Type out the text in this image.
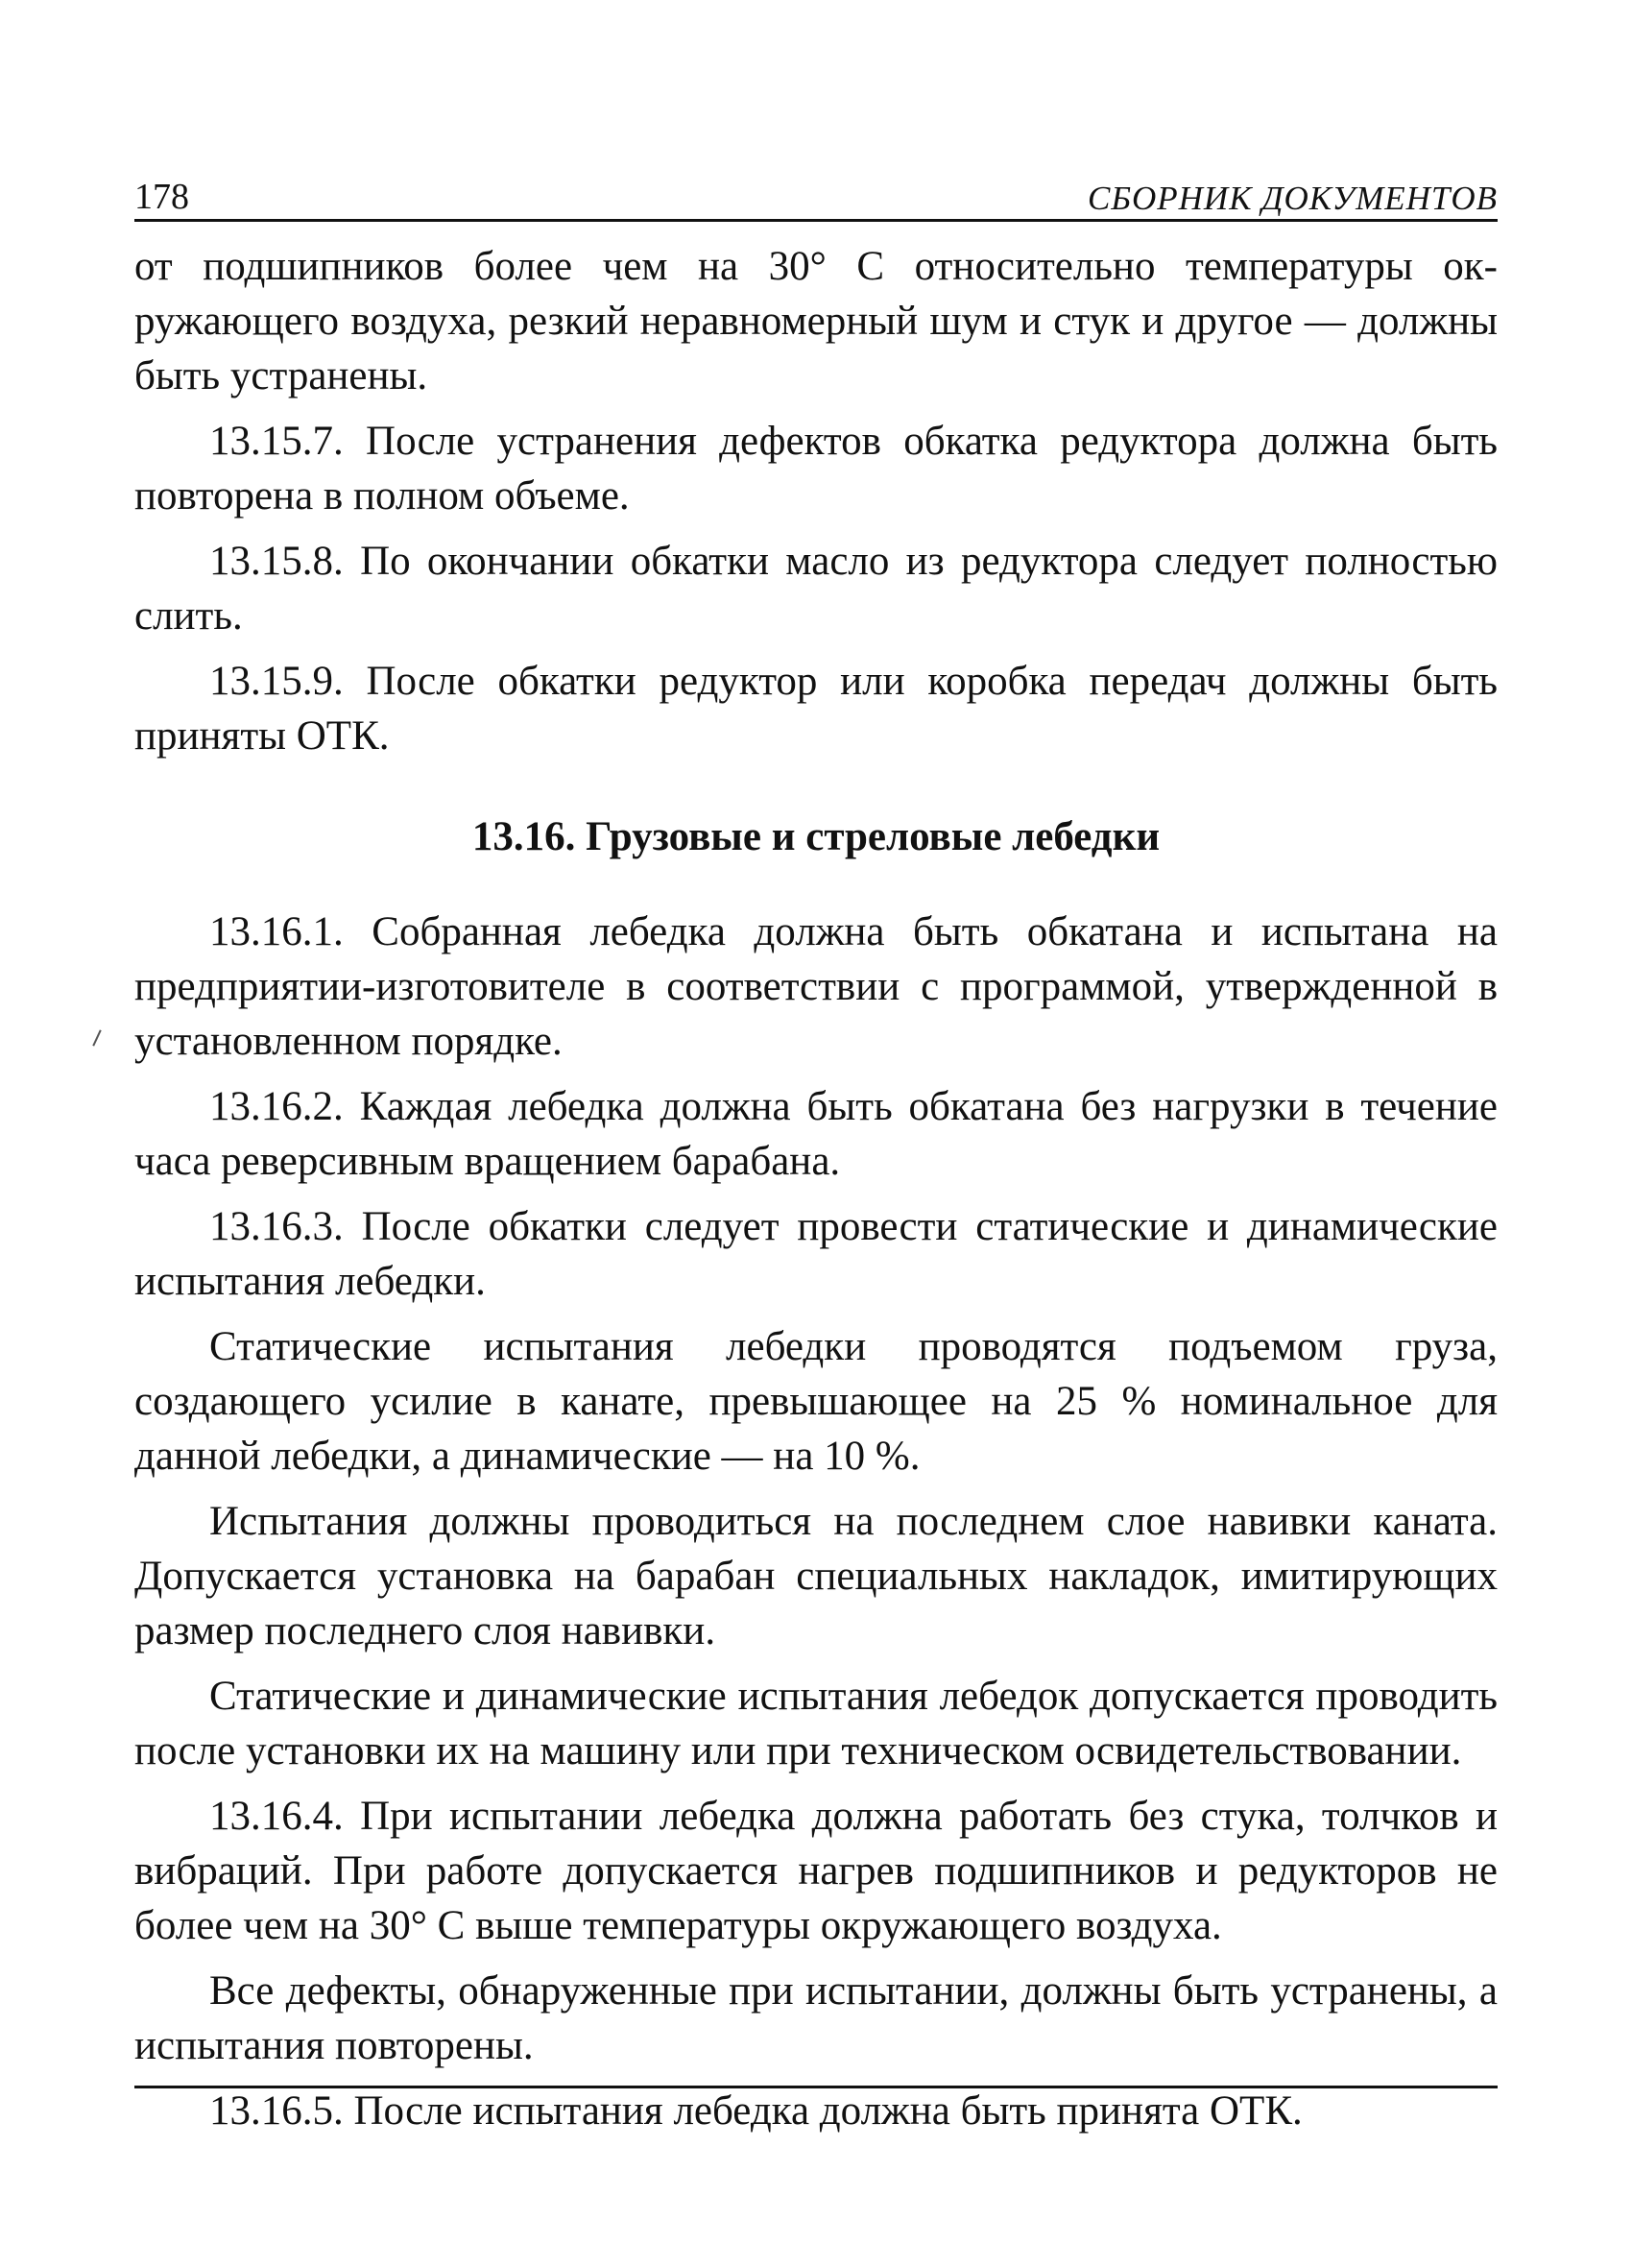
178	СБОРНИК ДОКУМЕНТОВ

от подшипников более чем на 30° С относительно температуры окружающего воздуха, резкий неравномерный шум и стук и другое — должны быть устранены.

13.15.7. После устранения дефектов обкатка редуктора должна быть повторена в полном объеме.

13.15.8. По окончании обкатки масло из редуктора следует полностью слить.

13.15.9. После обкатки редуктор или коробка передач должны быть приняты ОТК.

13.16. Грузовые и стреловые лебедки

13.16.1. Собранная лебедка должна быть обкатана и испытана на предприятии-изготовителе в соответствии с программой, утвержденной в установленном порядке.

13.16.2. Каждая лебедка должна быть обкатана без нагрузки в течение часа реверсивным вращением барабана.

13.16.3. После обкатки следует провести статические и динамические испытания лебедки.

Статические испытания лебедки проводятся подъемом груза, создающего усилие в канате, превышающее на 25 % номинальное для данной лебедки, а динамические — на 10 %.

Испытания должны проводиться на последнем слое навивки каната. Допускается установка на барабан специальных накладок, имитирующих размер последнего слоя навивки.

Статические и динамические испытания лебедок допускается проводить после установки их на машину или при техническом освидетельствовании.

13.16.4. При испытании лебедка должна работать без стука, толчков и вибраций. При работе допускается нагрев подшипников и редукторов не более чем на 30° С выше температуры окружающего воздуха.

Все дефекты, обнаруженные при испытании, должны быть устранены, а испытания повторены.

13.16.5. После испытания лебедка должна быть принята ОТК.
